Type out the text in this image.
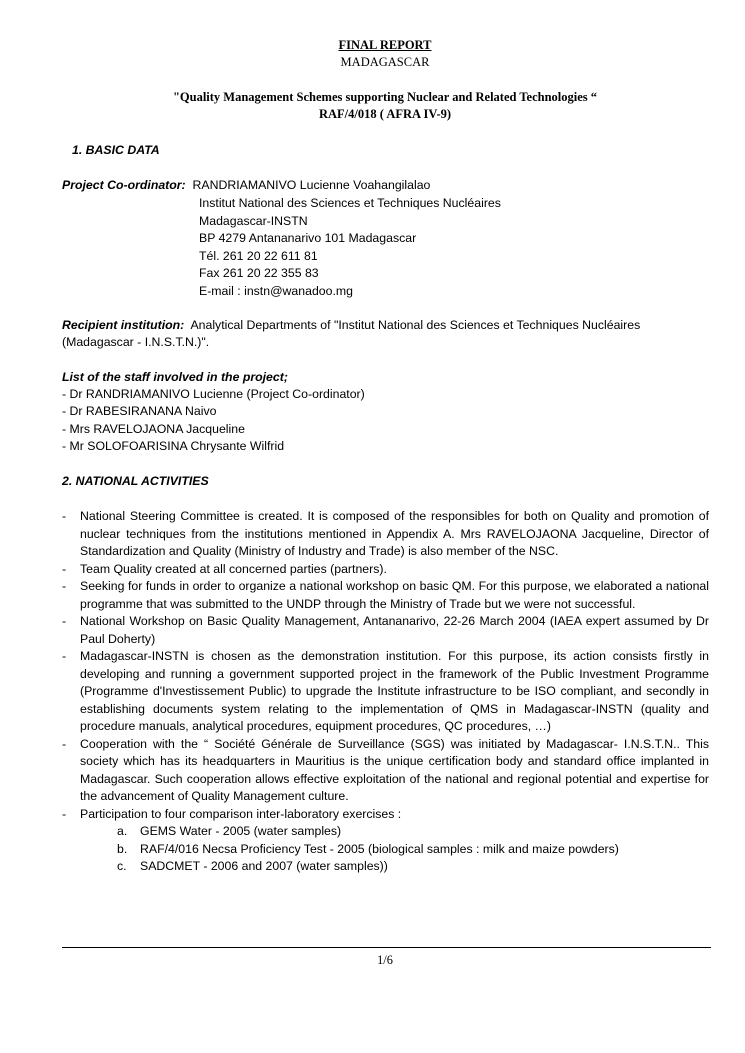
FINAL REPORT
MADAGASCAR
"Quality Management Schemes supporting Nuclear and Related Technologies “
RAF/4/018 ( AFRA IV-9)
1. BASIC DATA
Project Co-ordinator: RANDRIAMANIVO Lucienne Voahangilalao
Institut National des Sciences et Techniques Nucléaires
Madagascar-INSTN
BP 4279 Antananarivo 101 Madagascar
Tél. 261 20 22 611 81
Fax 261 20 22 355 83
E-mail : instn@wanadoo.mg
Recipient institution: Analytical Departments of "Institut National des Sciences et Techniques Nucléaires
(Madagascar - I.N.S.T.N.)".
List of the staff involved in the project;
- Dr RANDRIAMANIVO Lucienne (Project Co-ordinator)
- Dr RABESIRANANA Naivo
- Mrs RAVELOJAONA Jacqueline
- Mr SOLOFOARISINA Chrysante Wilfrid
2. NATIONAL ACTIVITIES
- National Steering Committee is created. It is composed of the responsibles for both on Quality and promotion of nuclear techniques from the institutions mentioned in Appendix A. Mrs RAVELOJAONA Jacqueline, Director of Standardization and Quality (Ministry of Industry and Trade) is also member of the NSC.
- Team Quality created at all concerned parties (partners).
- Seeking for funds in order to organize a national workshop on basic QM. For this purpose, we elaborated a national programme that was submitted to the UNDP through the Ministry of Trade but we were not successful.
- National Workshop on Basic Quality Management, Antananarivo, 22-26 March 2004 (IAEA expert assumed by Dr Paul Doherty)
- Madagascar-INSTN is chosen as the demonstration institution. For this purpose, its action consists firstly in developing and running a government supported project in the framework of the Public Investment Programme (Programme d'Investissement Public) to upgrade the Institute infrastructure to be ISO compliant, and secondly in establishing documents system relating to the implementation of QMS in Madagascar-INSTN (quality and procedure manuals, analytical procedures, equipment procedures, QC procedures, …)
- Cooperation with the “ Société Générale de Surveillance (SGS) was initiated by Madagascar- I.N.S.T.N.. This society which has its headquarters in Mauritius is the unique certification body and standard office implanted in Madagascar. Such cooperation allows effective exploitation of the national and regional potential and expertise for the advancement of Quality Management culture.
- Participation to four comparison inter-laboratory exercises :
a. GEMS Water - 2005 (water samples)
b. RAF/4/016 Necsa Proficiency Test - 2005 (biological samples : milk and maize powders)
c. SADCMET - 2006 and 2007 (water samples))
1/6
